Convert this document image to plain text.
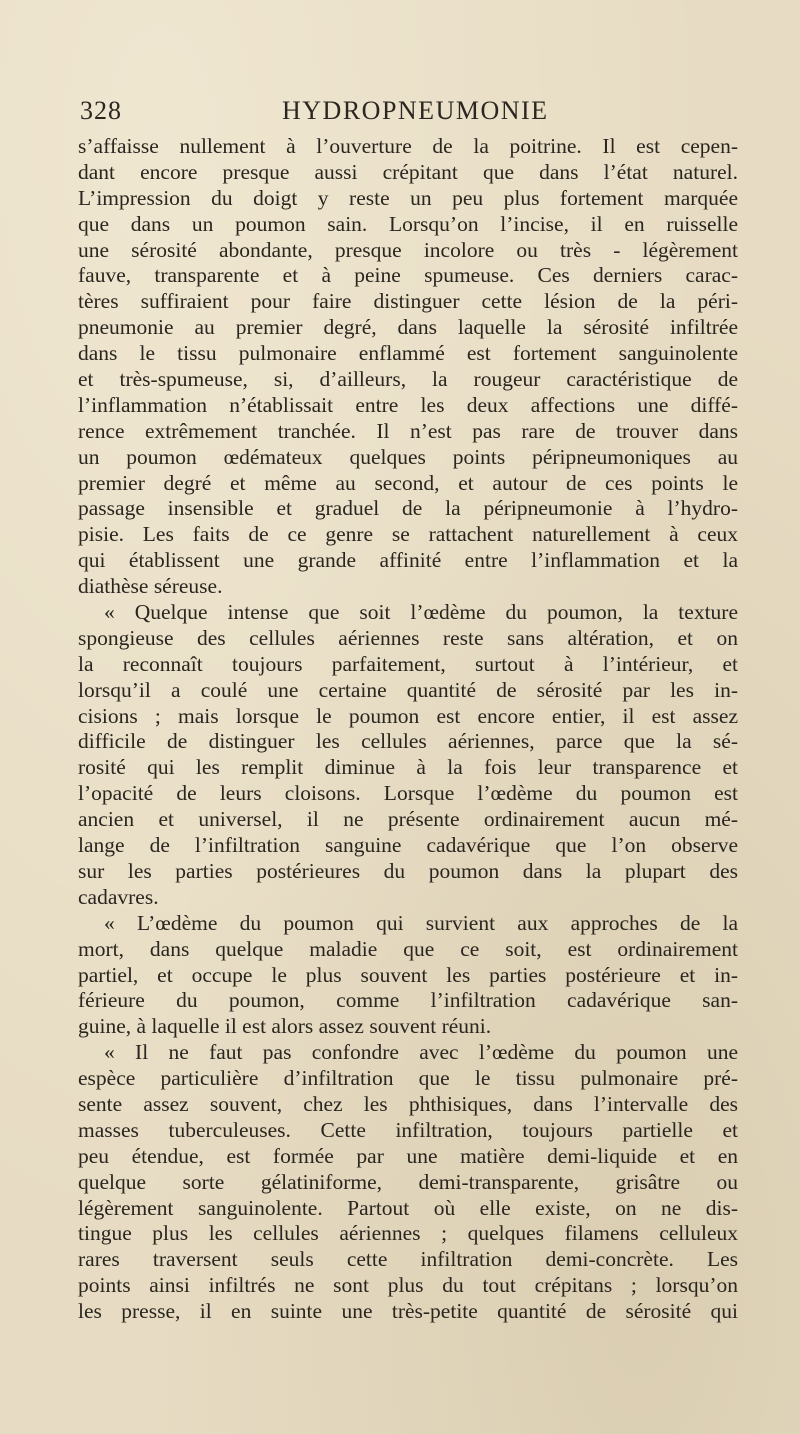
328	HYDROPNEUMONIE
s’affaisse nullement à l’ouverture de la poitrine. Il est cepen-
dant encore presque aussi crépitant que dans l’état naturel.
L’impression du doigt y reste un peu plus fortement marquée
que dans un poumon sain. Lorsqu’on l’incise, il en ruisselle
une sérosité abondante, presque incolore ou très - légèrement
fauve, transparente et à peine spumeuse. Ces derniers carac-
tères suffiraient pour faire distinguer cette lésion de la péri-
pneumonie au premier degré, dans laquelle la sérosité infiltrée
dans le tissu pulmonaire enflammé est fortement sanguinolente
et très-spumeuse, si, d’ailleurs, la rougeur caractéristique de
l’inflammation n’établissait entre les deux affections une diffé-
rence extrêmement tranchée. Il n’est pas rare de trouver dans
un poumon œdémateux quelques points péripneumoniques au
premier degré et même au second, et autour de ces points le
passage insensible et graduel de la péripneumonie à l’hydro-
pisie. Les faits de ce genre se rattachent naturellement à ceux
qui établissent une grande affinité entre l’inflammation et la
diathèse séreuse.
« Quelque intense que soit l’œdème du poumon, la texture
spongieuse des cellules aériennes reste sans altération, et on
la reconnaît toujours parfaitement, surtout à l’intérieur, et
lorsqu’il a coulé une certaine quantité de sérosité par les in-
cisions ; mais lorsque le poumon est encore entier, il est assez
difficile de distinguer les cellules aériennes, parce que la sé-
rosité qui les remplit diminue à la fois leur transparence et
l’opacité de leurs cloisons. Lorsque l’œdème du poumon est
ancien et universel, il ne présente ordinairement aucun mé-
lange de l’infiltration sanguine cadavérique que l’on observe
sur les parties postérieures du poumon dans la plupart des
cadavres.
« L’œdème du poumon qui survient aux approches de la
mort, dans quelque maladie que ce soit, est ordinairement
partiel, et occupe le plus souvent les parties postérieure et in-
férieure du poumon, comme l’infiltration cadavérique san-
guine, à laquelle il est alors assez souvent réuni.
« Il ne faut pas confondre avec l’œdème du poumon une
espèce particulière d’infiltration que le tissu pulmonaire pré-
sente assez souvent, chez les phthisiques, dans l’intervalle des
masses tuberculeuses. Cette infiltration, toujours partielle et
peu étendue, est formée par une matière demi-liquide et en
quelque sorte gélatiniforme, demi-transparente, grisâtre ou
légèrement sanguinolente. Partout où elle existe, on ne dis-
tingue plus les cellules aériennes ; quelques filamens celluleux
rares traversent seuls cette infiltration demi-concrète. Les
points ainsi infiltrés ne sont plus du tout crépitans ; lorsqu’on
les presse, il en suinte une très-petite quantité de sérosité qui
